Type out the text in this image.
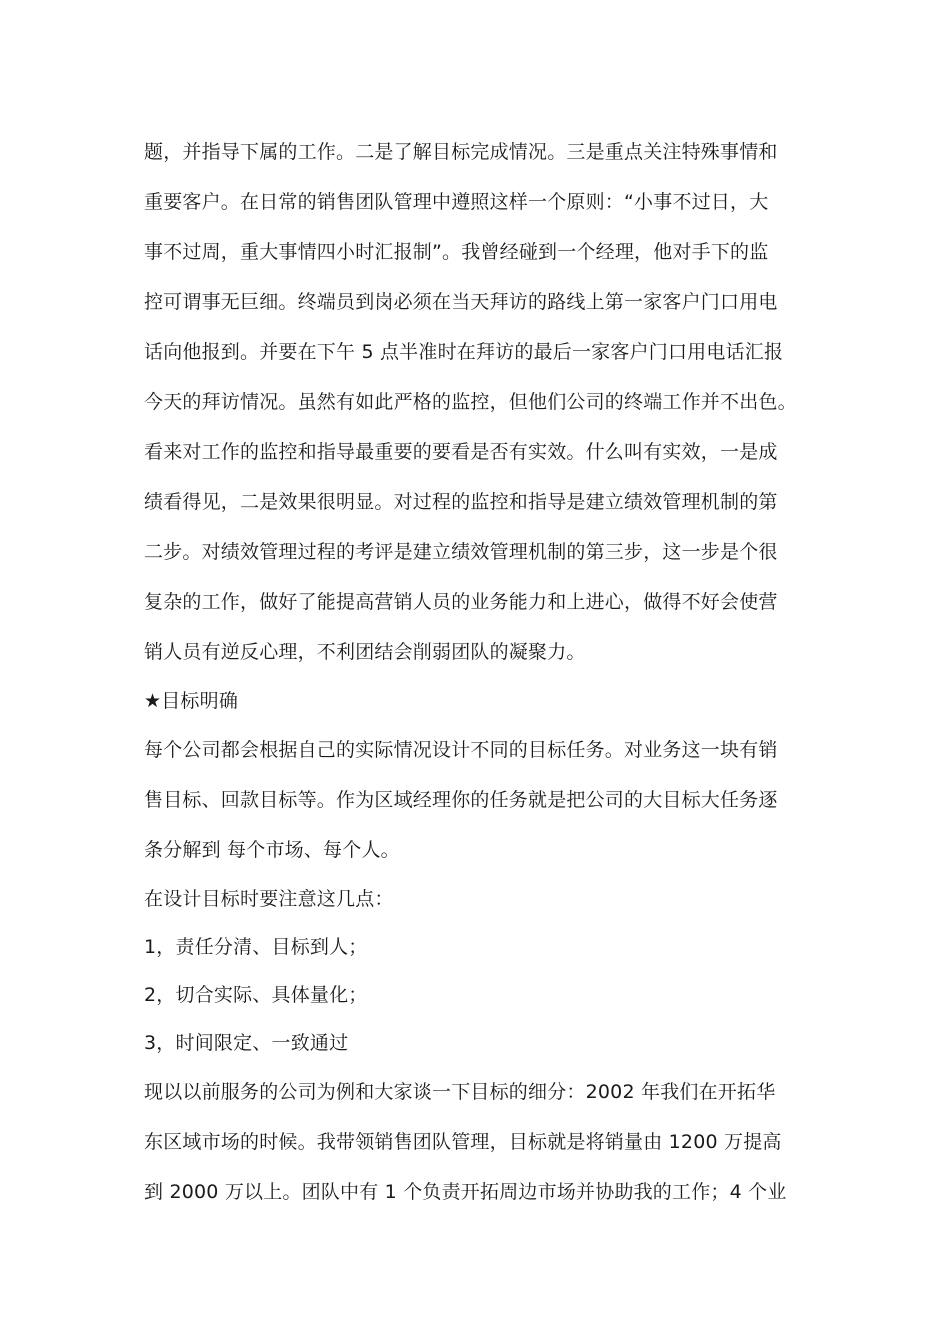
题，并指导下属的工作。二是了解目标完成情况。三是重点关注特殊事情和
重要客户。在日常的销售团队管理中遵照这样一个原则：“小事不过日，大
事不过周，重大事情四小时汇报制”。我曾经碰到一个经理，他对手下的监
控可谓事无巨细。终端员到岗必须在当天拜访的路线上第一家客户门口用电
话向他报到。并要在下午 5 点半准时在拜访的最后一家客户门口用电话汇报
今天的拜访情况。虽然有如此严格的监控，但他们公司的终端工作并不出色。
看来对工作的监控和指导最重要的要看是否有实效。什么叫有实效，一是成
绩看得见，二是效果很明显。对过程的监控和指导是建立绩效管理机制的第
二步。对绩效管理过程的考评是建立绩效管理机制的第三步，这一步是个很
复杂的工作，做好了能提高营销人员的业务能力和上进心，做得不好会使营
销人员有逆反心理，不利团结会削弱团队的凝聚力。
★目标明确
每个公司都会根据自己的实际情况设计不同的目标任务。对业务这一块有销
售目标、回款目标等。作为区域经理你的任务就是把公司的大目标大任务逐
条分解到 每个市场、每个人。
在设计目标时要注意这几点：
1，责任分清、目标到人；
2，切合实际、具体量化；
3，时间限定、一致通过
现以以前服务的公司为例和大家谈一下目标的细分：2002 年我们在开拓华
东区域市场的时候。我带领销售团队管理，目标就是将销量由 1200 万提高
到 2000 万以上。团队中有 1 个负责开拓周边市场并协助我的工作；4 个业
